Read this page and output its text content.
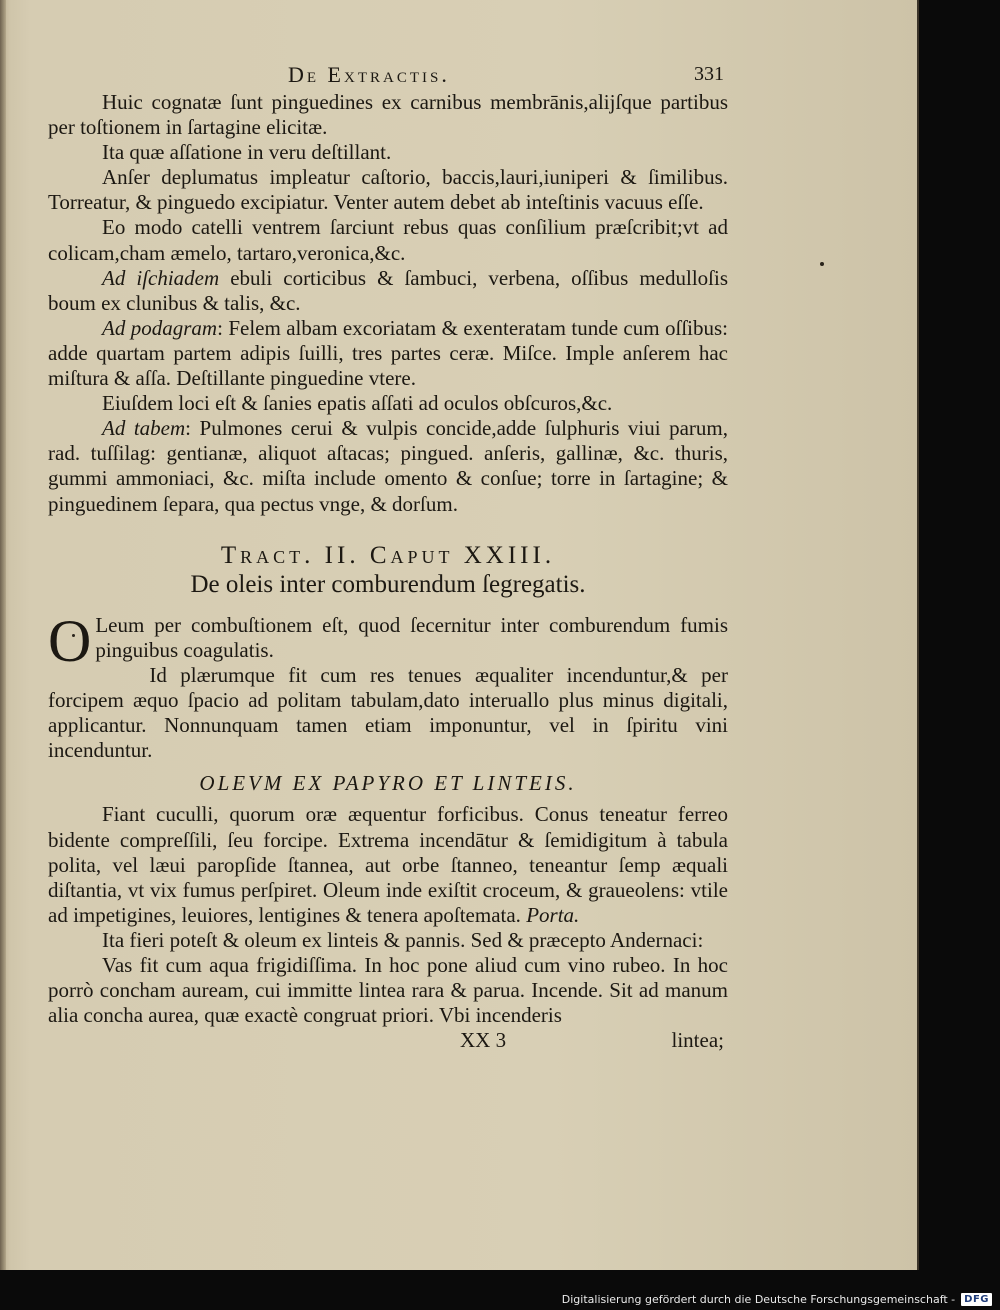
De Extractis.	331

Huic cognatæ ſunt pinguedines ex carnibus membrānis,alijſque partibus per toſtionem in ſartagine elicitæ.

Ita quæ aſſatione in veru deſtillant.

Anſer deplumatus impleatur caſtorio, baccis,lauri,iuniperi & ſimilibus. Torreatur, & pinguedo excipiatur. Venter autem debet ab inteſtinis vacuus eſſe.

Eo modo catelli ventrem ſarciunt rebus quas conſilium præſcribit;vt ad colicam,cham æmelo, tartaro,veronica,&c.

Ad iſchiadem ebuli corticibus & ſambuci, verbena, oſſibus medulloſis boum ex clunibus & talis, &c.

Ad podagram: Felem albam excoriatam & exenteratam tunde cum oſſibus: adde quartam partem adipis ſuilli, tres partes ceræ. Miſce. Imple anſerem hac miſtura & aſſa. Deſtillante pinguedine vtere.

Eiuſdem loci eſt & ſanies epatis aſſati ad oculos obſcuros,&c.

Ad tabem: Pulmones cerui & vulpis concide,adde ſulphuris viui parum, rad. tuſſilag: gentianæ, aliquot aſtacas; pingued. anſeris, gallinæ, &c. thuris, gummi ammoniaci, &c. miſta include omento & conſue; torre in ſartagine; & pinguedinem ſepara, qua pectus vnge, & dorſum.

Tract. II. Caput XXIII.
De oleis inter comburendum ſegregatis.

O Leum per combuſtionem eſt, quod ſecernitur inter comburendum fumis pinguibus coagulatis.

Id plærumque fit cum res tenues æqualiter incenduntur,& per forcipem æquo ſpacio ad politam tabulam,dato interuallo plus minus digitali, applicantur. Nonnunquam tamen etiam imponuntur, vel in ſpiritu vini incenduntur.

OLEVM EX PAPYRO ET LINTEIS.

Fiant cuculli, quorum oræ æquentur forficibus. Conus teneatur ferreo bidente compreſſili, ſeu forcipe. Extrema incendātur & ſemidigitum à tabula polita, vel læui paropſide ſtannea, aut orbe ſtanneo, teneantur ſemp æquali diſtantia, vt vix fumus perſpiret. Oleum inde exiſtit croceum, & graueolens: vtile ad impetigines, leuiores, lentigines & tenera apoſtemata. Porta.

Ita fieri poteſt & oleum ex linteis & pannis. Sed & præcepto Andernaci:

Vas fit cum aqua frigidiſſima. In hoc pone aliud cum vino rubeo. In hoc porrò concham auream, cui immitte lintea rara & parua. Incende. Sit ad manum alia concha aurea, quæ exactè congruat priori. Vbi incenderis

XX 3	lintea;
Digitalisierung gefördert durch die Deutsche Forschungsgemeinschaft - DFG
